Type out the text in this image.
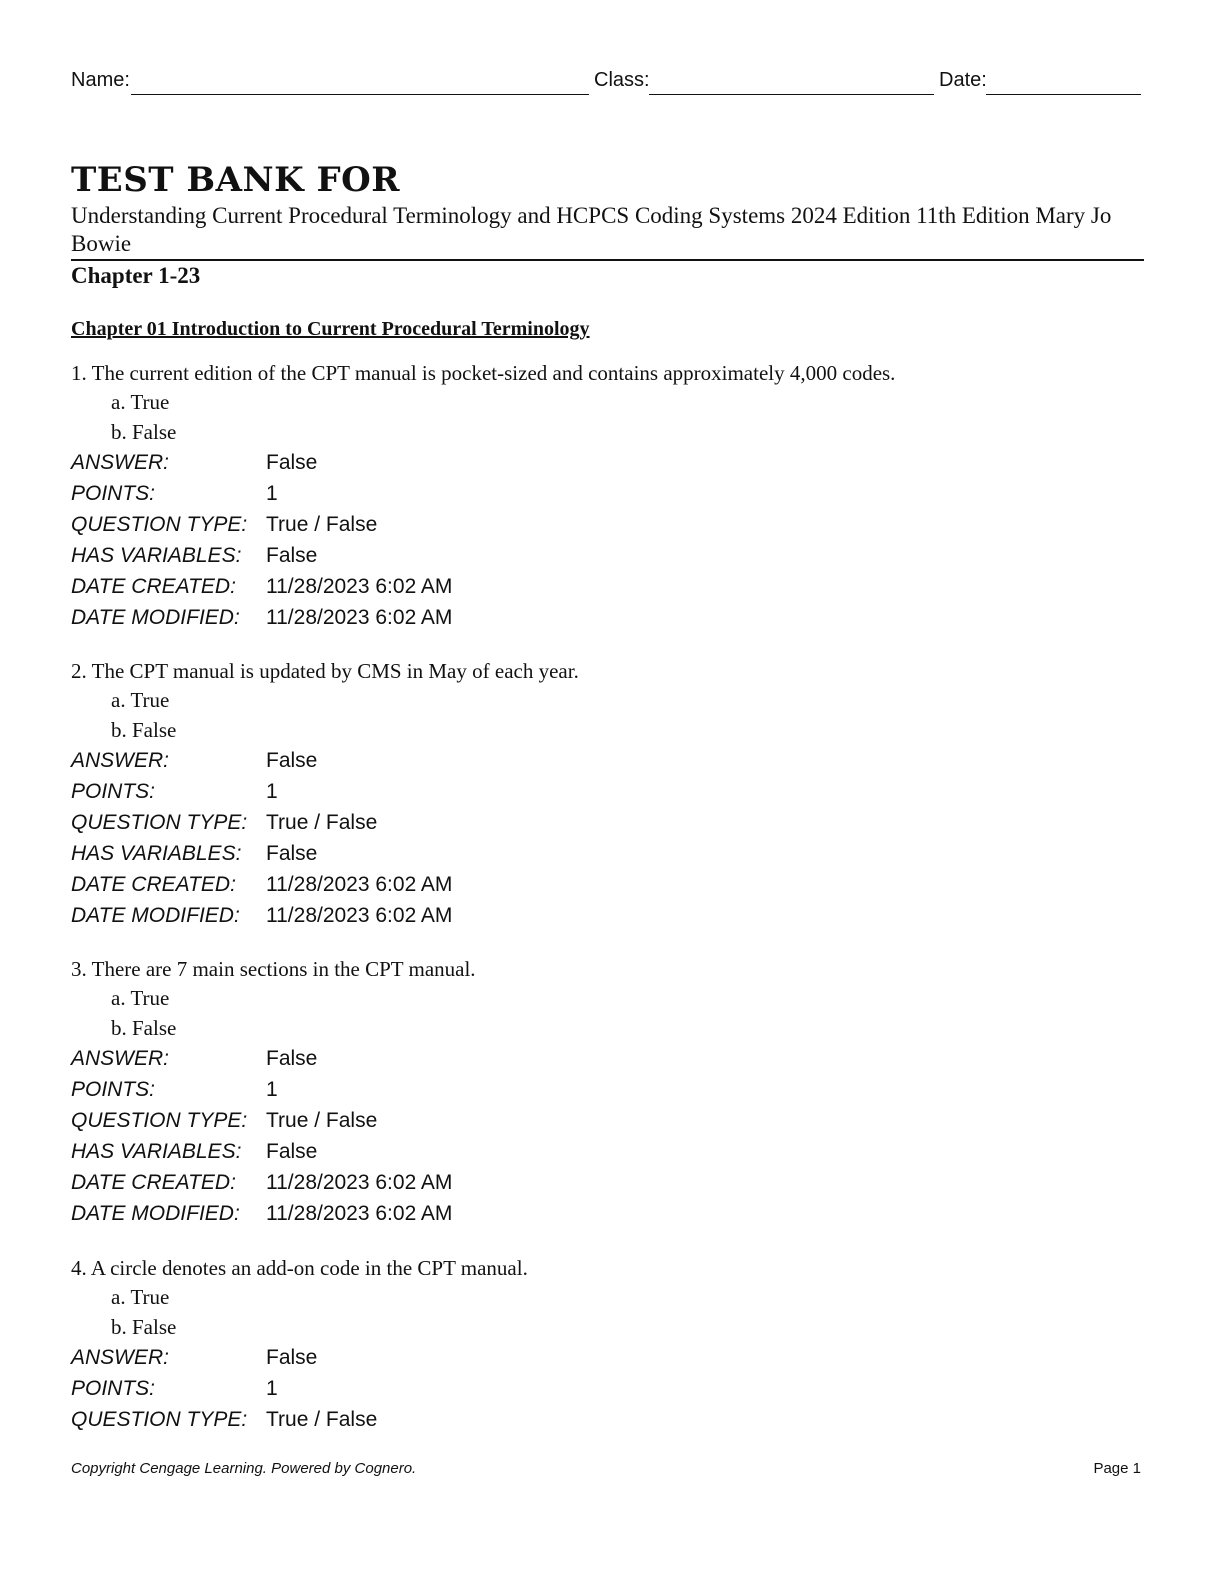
Name:	Class:	Date:
TEST BANK FOR
Understanding Current Procedural Terminology and HCPCS Coding Systems 2024 Edition 11th Edition Mary Jo Bowie
Chapter 1-23
Chapter 01 Introduction to Current Procedural Terminology
1. The current edition of the CPT manual is pocket-sized and contains approximately 4,000 codes.
a. True
b. False
ANSWER:	False
POINTS:	1
QUESTION TYPE: True / False
HAS VARIABLES:	False
DATE CREATED:	11/28/2023 6:02 AM
DATE MODIFIED:	11/28/2023 6:02 AM
2. The CPT manual is updated by CMS in May of each year.
a. True
b. False
ANSWER:	False
POINTS:	1
QUESTION TYPE: True / False
HAS VARIABLES:	False
DATE CREATED:	11/28/2023 6:02 AM
DATE MODIFIED:	11/28/2023 6:02 AM
3. There are 7 main sections in the CPT manual.
a. True
b. False
ANSWER:	False
POINTS:	1
QUESTION TYPE: True / False
HAS VARIABLES:	False
DATE CREATED:	11/28/2023 6:02 AM
DATE MODIFIED:	11/28/2023 6:02 AM
4. A circle denotes an add-on code in the CPT manual.
a. True
b. False
ANSWER:	False
POINTS:	1
QUESTION TYPE: True / False
Copyright Cengage Learning. Powered by Cognero.	Page 1
